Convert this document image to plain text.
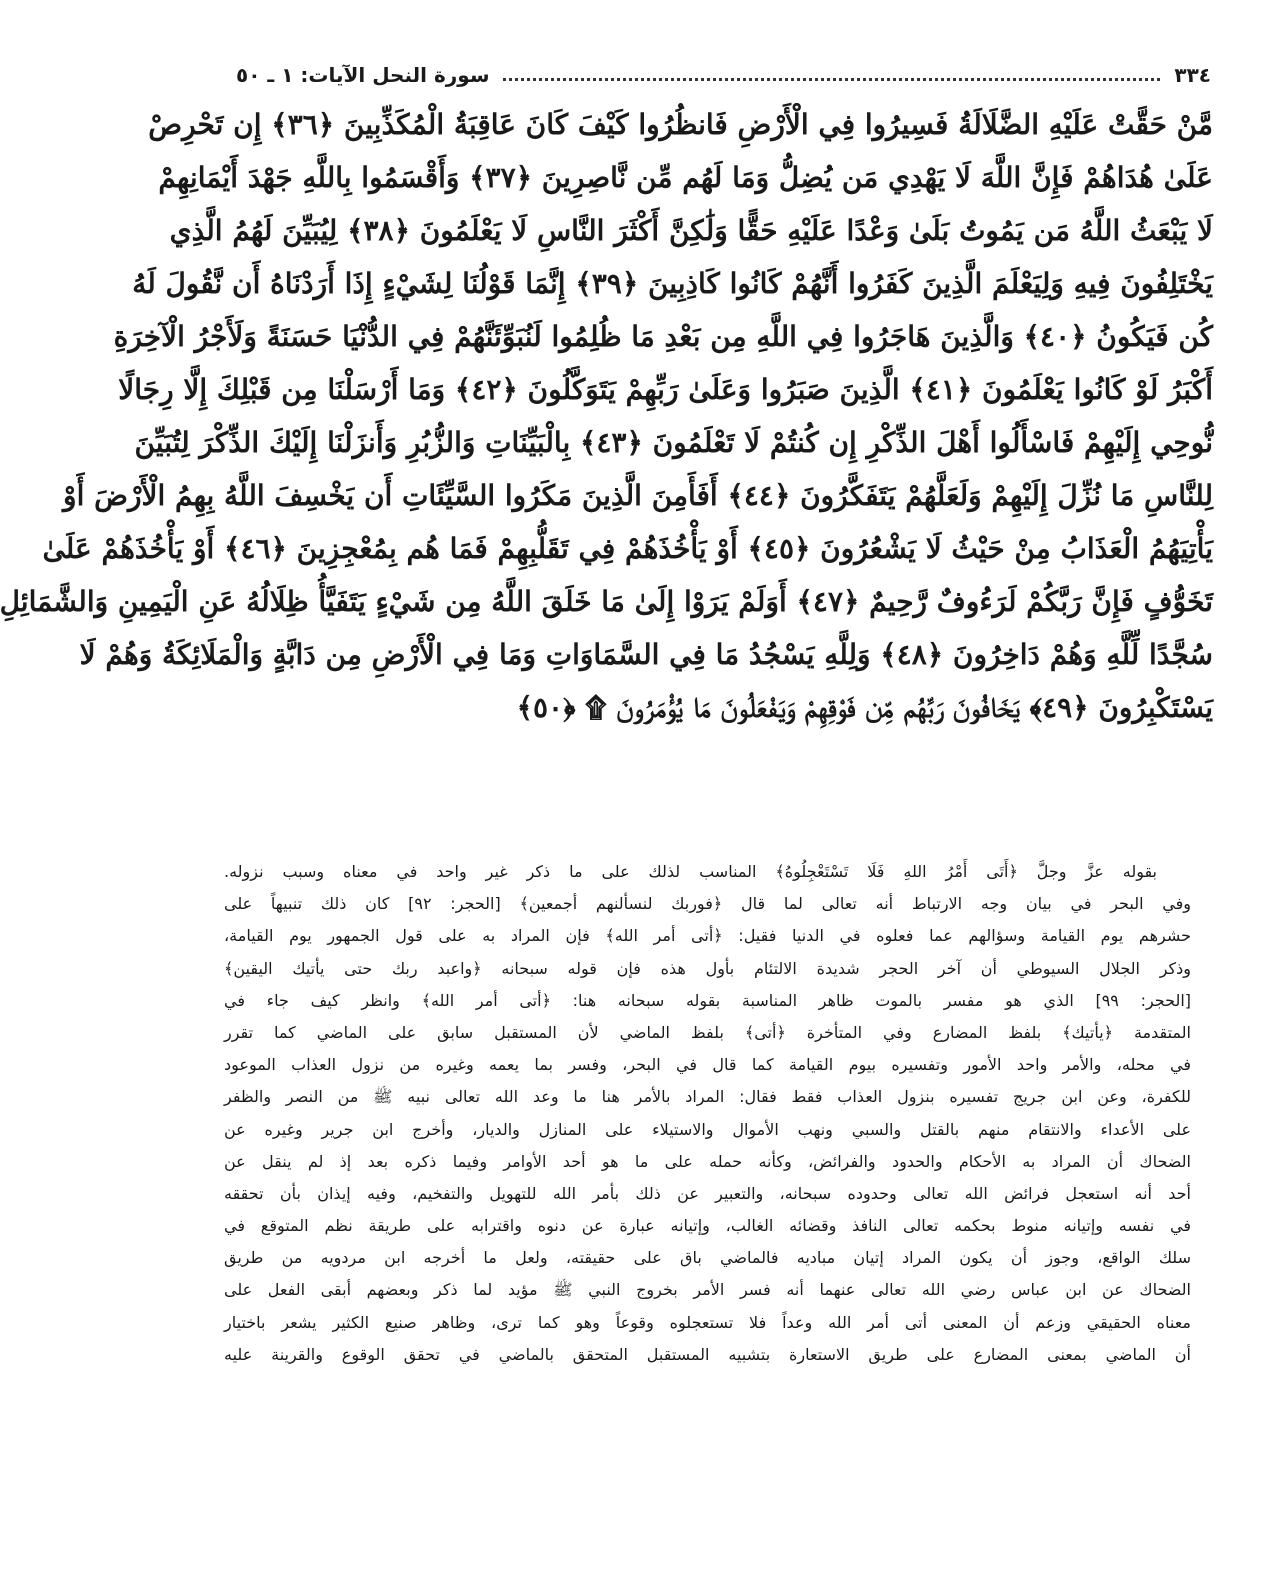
٣٣٤
سورة النحل الآيات: ١ ـ ٥٠
مَّنْ حَقَّتْ عَلَيْهِ الضَّلَالَةُ فَسِيرُوا فِي الْأَرْضِ فَانظُرُوا كَيْفَ كَانَ عَاقِبَةُ الْمُكَذِّبِينَ ﴿٣٦﴾ إِن تَحْرِصْ
عَلَىٰ هُدَاهُمْ فَإِنَّ اللَّهَ لَا يَهْدِي مَن يُضِلُّ وَمَا لَهُم مِّن نَّاصِرِينَ ﴿٣٧﴾ وَأَقْسَمُوا بِاللَّهِ جَهْدَ أَيْمَانِهِمْ
لَا يَبْعَثُ اللَّهُ مَن يَمُوتُ بَلَىٰ وَعْدًا عَلَيْهِ حَقًّا وَلَٰكِنَّ أَكْثَرَ النَّاسِ لَا يَعْلَمُونَ ﴿٣٨﴾ لِيُبَيِّنَ لَهُمُ الَّذِي
يَخْتَلِفُونَ فِيهِ وَلِيَعْلَمَ الَّذِينَ كَفَرُوا أَنَّهُمْ كَانُوا كَاذِبِينَ ﴿٣٩﴾ إِنَّمَا قَوْلُنَا لِشَيْءٍ إِذَا أَرَدْنَاهُ أَن نَّقُولَ لَهُ
كُن فَيَكُونُ ﴿٤٠﴾ وَالَّذِينَ هَاجَرُوا فِي اللَّهِ مِن بَعْدِ مَا ظُلِمُوا لَنُبَوِّئَنَّهُمْ فِي الدُّنْيَا حَسَنَةً وَلَأَجْرُ الْآخِرَةِ
أَكْبَرُ لَوْ كَانُوا يَعْلَمُونَ ﴿٤١﴾ الَّذِينَ صَبَرُوا وَعَلَىٰ رَبِّهِمْ يَتَوَكَّلُونَ ﴿٤٢﴾ وَمَا أَرْسَلْنَا مِن قَبْلِكَ إِلَّا رِجَالًا
نُّوحِي إِلَيْهِمْ فَاسْأَلُوا أَهْلَ الذِّكْرِ إِن كُنتُمْ لَا تَعْلَمُونَ ﴿٤٣﴾ بِالْبَيِّنَاتِ وَالزُّبُرِ وَأَنزَلْنَا إِلَيْكَ الذِّكْرَ لِتُبَيِّنَ
لِلنَّاسِ مَا نُزِّلَ إِلَيْهِمْ وَلَعَلَّهُمْ يَتَفَكَّرُونَ ﴿٤٤﴾ أَفَأَمِنَ الَّذِينَ مَكَرُوا السَّيِّئَاتِ أَن يَخْسِفَ اللَّهُ بِهِمُ الْأَرْضَ أَوْ
يَأْتِيَهُمُ الْعَذَابُ مِنْ حَيْثُ لَا يَشْعُرُونَ ﴿٤٥﴾ أَوْ يَأْخُذَهُمْ فِي تَقَلُّبِهِمْ فَمَا هُم بِمُعْجِزِينَ ﴿٤٦﴾ أَوْ يَأْخُذَهُمْ عَلَىٰ
تَخَوُّفٍ فَإِنَّ رَبَّكُمْ لَرَءُوفٌ رَّحِيمٌ ﴿٤٧﴾ أَوَلَمْ يَرَوْا إِلَىٰ مَا خَلَقَ اللَّهُ مِن شَيْءٍ يَتَفَيَّأُ ظِلَالُهُ عَنِ الْيَمِينِ وَالشَّمَائِلِ
سُجَّدًا لِّلَّهِ وَهُمْ دَاخِرُونَ ﴿٤٨﴾ وَلِلَّهِ يَسْجُدُ مَا فِي السَّمَاوَاتِ وَمَا فِي الْأَرْضِ مِن دَابَّةٍ وَالْمَلَائِكَةُ وَهُمْ لَا
يَسْتَكْبِرُونَ ﴿٤٩﴾ يَخَافُونَ رَبَّهُم مِّن فَوْقِهِمْ وَيَفْعَلُونَ مَا يُؤْمَرُونَ ۩ ﴿٥٠﴾
بقوله عزَّ وجلَّ ﴿أَتَى أَمْرُ اللهِ فَلَا تَسْتَعْجِلُوهُ﴾ المناسب لذلك على ما ذكر غير واحد في معناه وسبب نزوله.
وفي البحر في بيان وجه الارتباط أنه تعالى لما قال ﴿فوربك لنسألنهم أجمعين﴾ [الحجر: ٩٢] كان ذلك تنبيهاً على
حشرهم يوم القيامة وسؤالهم عما فعلوه في الدنيا فقيل: ﴿أتى أمر الله﴾ فإن المراد به على قول الجمهور يوم القيامة،
وذكر الجلال السيوطي أن آخر الحجر شديدة الالتئام بأول هذه فإن قوله سبحانه ﴿واعبد ربك حتى يأتيك اليقين﴾
[الحجر: ٩٩] الذي هو مفسر بالموت ظاهر المناسبة بقوله سبحانه هنا: ﴿أتى أمر الله﴾ وانظر كيف جاء في
المتقدمة ﴿يأتيك﴾ بلفظ المضارع وفي المتأخرة ﴿أتى﴾ بلفظ الماضي لأن المستقبل سابق على الماضي كما تقرر
في محله، والأمر واحد الأمور وتفسيره بيوم القيامة كما قال في البحر، وفسر بما يعمه وغيره من نزول العذاب الموعود
للكفرة، وعن ابن جريج تفسيره بنزول العذاب فقط فقال: المراد بالأمر هنا ما وعد الله تعالى نبيه ﷺ من النصر والظفر
على الأعداء والانتقام منهم بالقتل والسبي ونهب الأموال والاستيلاء على المنازل والديار، وأخرج ابن جرير وغيره عن
الضحاك أن المراد به الأحكام والحدود والفرائض، وكأنه حمله على ما هو أحد الأوامر وفيما ذكره بعد إذ لم ينقل عن
أحد أنه استعجل فرائض الله تعالى وحدوده سبحانه، والتعبير عن ذلك بأمر الله للتهويل والتفخيم، وفيه إيذان بأن تحققه
في نفسه وإتيانه منوط بحكمه تعالى النافذ وقضائه الغالب، وإتيانه عبارة عن دنوه واقترابه على طريقة نظم المتوقع في
سلك الواقع، وجوز أن يكون المراد إتيان مباديه فالماضي باق على حقيقته، ولعل ما أخرجه ابن مردويه من طريق
الضحاك عن ابن عباس رضي الله تعالى عنهما أنه فسر الأمر بخروج النبي ﷺ مؤيد لما ذكر وبعضهم أبقى الفعل على
معناه الحقيقي وزعم أن المعنى أتى أمر الله وعداً فلا تستعجلوه وقوعاً وهو كما ترى، وظاهر صنيع الكثير يشعر باختيار
أن الماضي بمعنى المضارع على طريق الاستعارة بتشبيه المستقبل المتحقق بالماضي في تحقق الوقوع والقرينة عليه
